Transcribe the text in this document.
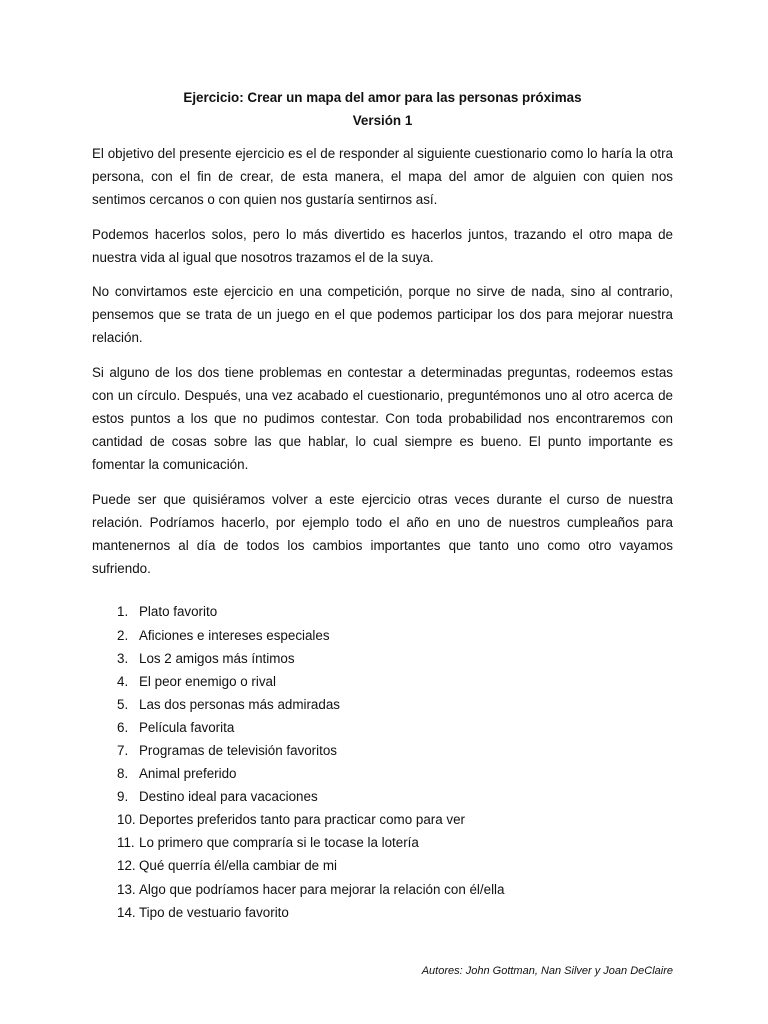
Ejercicio: Crear un mapa del amor para las personas próximas
Versión 1

El objetivo del presente ejercicio es el de responder al siguiente cuestionario como lo haría la otra persona, con el fin de crear, de esta manera, el mapa del amor de alguien con quien nos sentimos cercanos o con quien nos gustaría sentirnos así.

Podemos hacerlos solos, pero lo más divertido es hacerlos juntos, trazando el otro mapa de nuestra vida al igual que nosotros trazamos el de la suya.

No convirtamos este ejercicio en una competición, porque no sirve de nada, sino al contrario, pensemos que se trata de un juego en el que podemos participar los dos para mejorar nuestra relación.

Si alguno de los dos tiene problemas en contestar a determinadas preguntas, rodeemos estas con un círculo. Después, una vez acabado el cuestionario, preguntémonos uno al otro acerca de estos puntos a los que no pudimos contestar. Con toda probabilidad nos encontraremos con cantidad de cosas sobre las que hablar, lo cual siempre es bueno. El punto importante es fomentar la comunicación.

Puede ser que quisiéramos volver a este ejercicio otras veces durante el curso de nuestra relación. Podríamos hacerlo, por ejemplo todo el año en uno de nuestros cumpleaños para mantenernos al día de todos los cambios importantes que tanto uno como otro vayamos sufriendo.

1. Plato favorito
2. Aficiones e intereses especiales
3. Los 2 amigos más íntimos
4. El peor enemigo o rival
5. Las dos personas más admiradas
6. Película favorita
7. Programas de televisión favoritos
8. Animal preferido
9. Destino ideal para vacaciones
10. Deportes preferidos tanto para practicar como para ver
11. Lo primero que compraría si le tocase la lotería
12. Qué querría él/ella cambiar de mi
13. Algo que podríamos hacer para mejorar la relación con él/ella
14. Tipo de vestuario favorito
Autores: John Gottman, Nan Silver y Joan DeClaire
